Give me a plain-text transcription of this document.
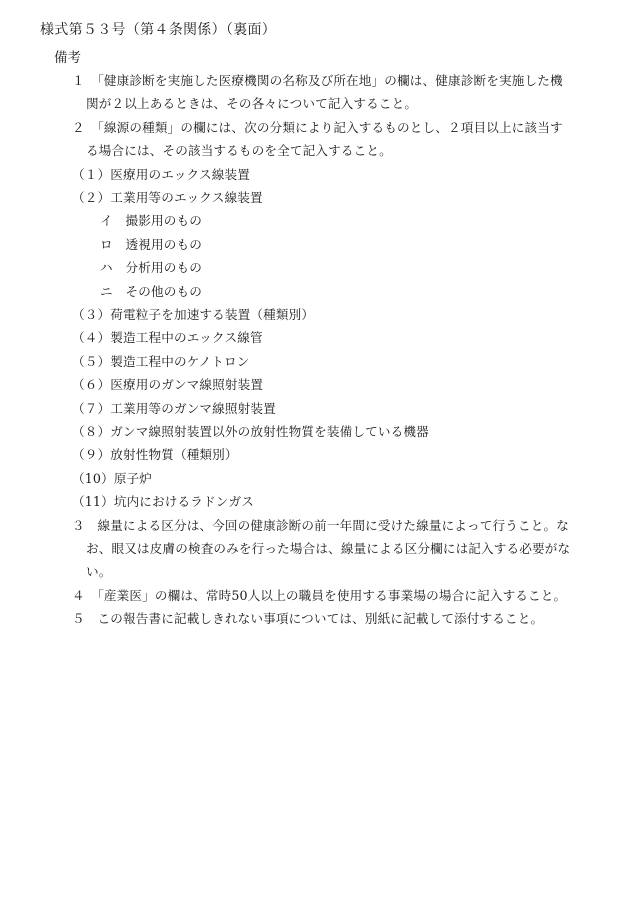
様式第５３号（第４条関係）（裏面）
備考
１　「健康診断を実施した医療機関の名称及び所在地」の欄は、健康診断を実施した機
関が２以上あるときは、その各々について記入すること。
２　「線源の種類」の欄には、次の分類により記入するものとし、２項目以上に該当す
る場合には、その該当するものを全て記入すること。
（１）医療用のエックス線装置
（２）工業用等のエックス線装置
イ　撮影用のもの
ロ　透視用のもの
ハ　分析用のもの
ニ　その他のもの
（３）荷電粒子を加速する装置（種類別）
（４）製造工程中のエックス線管
（５）製造工程中のケノトロン
（６）医療用のガンマ線照射装置
（７）工業用等のガンマ線照射装置
（８）ガンマ線照射装置以外の放射性物質を装備している機器
（９）放射性物質（種類別）
（10）原子炉
（11）坑内におけるラドンガス
３　線量による区分は、今回の健康診断の前一年間に受けた線量によって行うこと。な
お、眼又は皮膚の検査のみを行った場合は、線量による区分欄には記入する必要がな
い。
４　「産業医」の欄は、常時50人以上の職員を使用する事業場の場合に記入すること。
５　この報告書に記載しきれない事項については、別紙に記載して添付すること。
